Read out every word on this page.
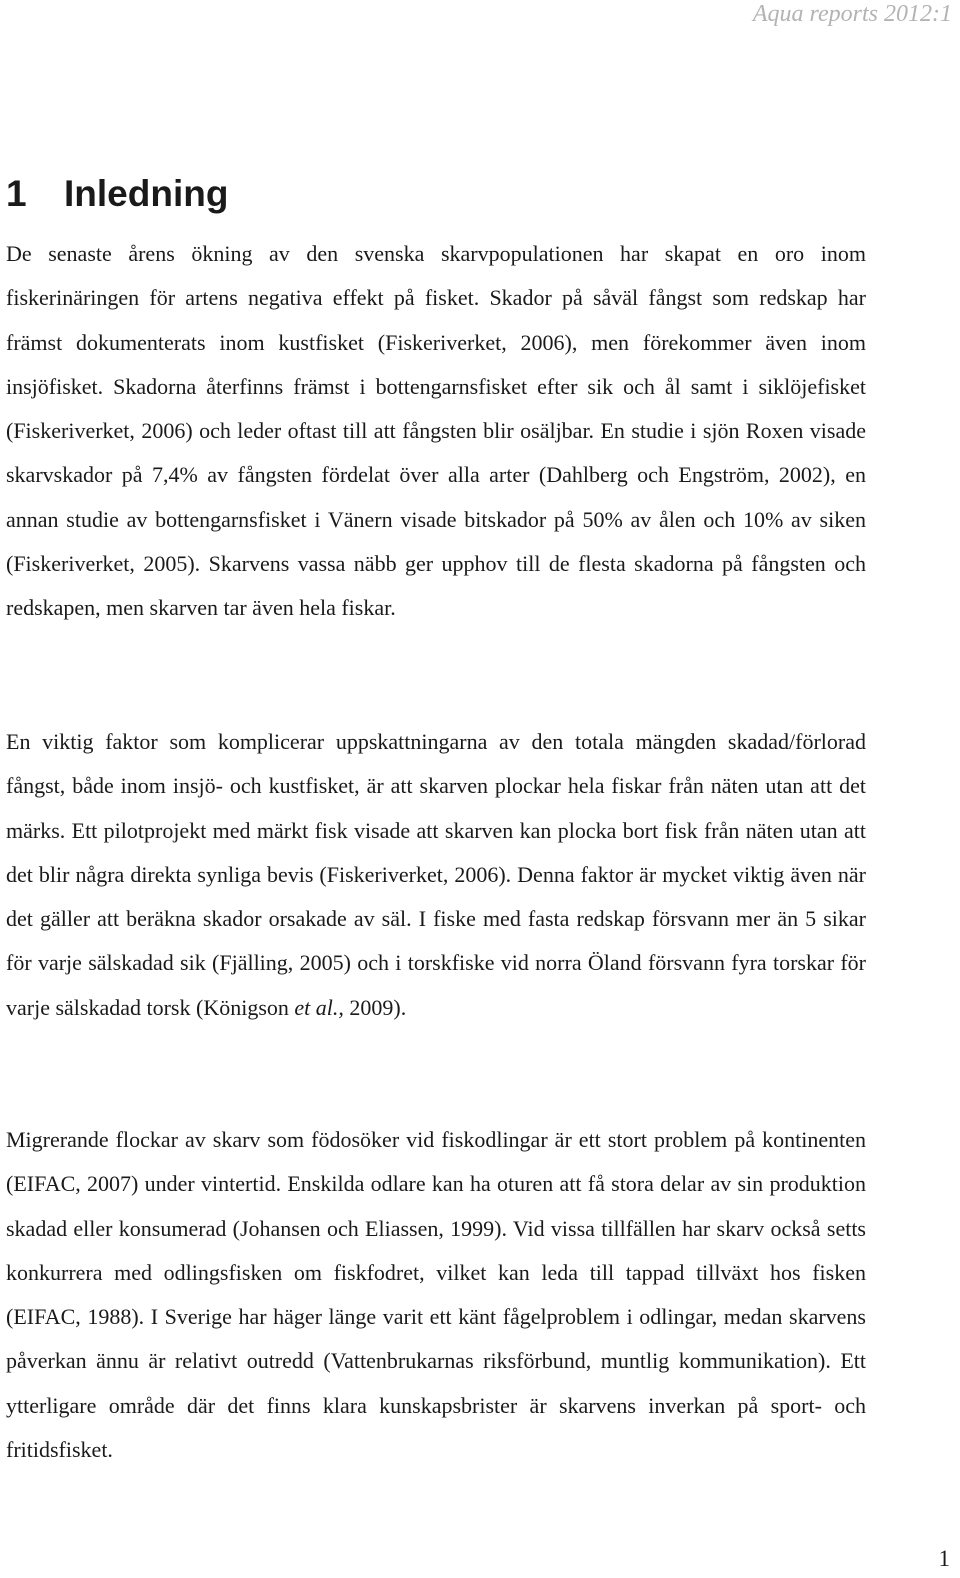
Aqua reports 2012:1
1 Inledning

De senaste årens ökning av den svenska skarvpopulationen har skapat en oro inom fiskerinäringen för artens negativa effekt på fisket. Skador på såväl fångst som redskap har främst dokumenterats inom kustfisket (Fiskeriverket, 2006), men förekommer även inom insjöfisket. Skadorna återfinns främst i bottengarnsfisket efter sik och ål samt i siklöjefisket (Fiskeriverket, 2006) och leder oftast till att fångsten blir osäljbar. En studie i sjön Roxen visade skarvskador på 7,4% av fångsten fördelat över alla arter (Dahlberg och Engström, 2002), en annan studie av bottengarnsfisket i Vänern visade bitskador på 50% av ålen och 10% av siken (Fiskeriverket, 2005). Skarvens vassa näbb ger upphov till de flesta skadorna på fångsten och redskapen, men skarven tar även hela fiskar.

En viktig faktor som komplicerar uppskattningarna av den totala mängden skadad/förlorad fångst, både inom insjö- och kustfisket, är att skarven plockar hela fiskar från näten utan att det märks. Ett pilotprojekt med märkt fisk visade att skarven kan plocka bort fisk från näten utan att det blir några direkta synliga bevis (Fiskeriverket, 2006). Denna faktor är mycket viktig även när det gäller att beräkna skador orsakade av säl. I fiske med fasta redskap försvann mer än 5 sikar för varje sälskadad sik (Fjälling, 2005) och i torskfiske vid norra Öland försvann fyra torskar för varje sälskadad torsk (Königson et al., 2009).

Migrerande flockar av skarv som födosöker vid fiskodlingar är ett stort problem på kontinenten (EIFAC, 2007) under vintertid. Enskilda odlare kan ha oturen att få stora delar av sin produktion skadad eller konsumerad (Johansen och Eliassen, 1999). Vid vissa tillfällen har skarv också setts konkurrera med odlingsfisken om fiskfodret, vilket kan leda till tappad tillväxt hos fisken (EIFAC, 1988). I Sverige har häger länge varit ett känt fågelproblem i odlingar, medan skarvens påverkan ännu är relativt outredd (Vattenbrukarnas riksförbund, muntlig kommunikation). Ett ytterligare område där det finns klara kunskapsbrister är skarvens inverkan på sport- och fritidsfisket.

1
